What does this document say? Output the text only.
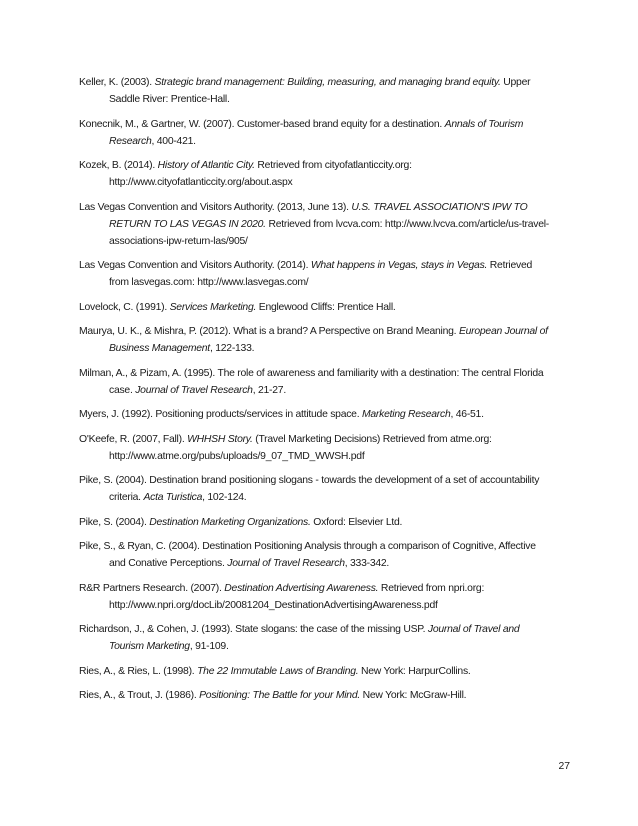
Keller, K. (2003). Strategic brand management: Building, measuring, and managing brand equity. Upper Saddle River: Prentice-Hall.
Konecnik, M., & Gartner, W. (2007). Customer-based brand equity for a destination. Annals of Tourism Research, 400-421.
Kozek, B. (2014). History of Atlantic City. Retrieved from cityofatlanticcity.org: http://www.cityofatlanticcity.org/about.aspx
Las Vegas Convention and Visitors Authority. (2013, June 13). U.S. TRAVEL ASSOCIATION'S IPW TO RETURN TO LAS VEGAS IN 2020. Retrieved from lvcva.com: http://www.lvcva.com/article/us-travel-associations-ipw-return-las/905/
Las Vegas Convention and Visitors Authority. (2014). What happens in Vegas, stays in Vegas. Retrieved from lasvegas.com: http://www.lasvegas.com/
Lovelock, C. (1991). Services Marketing. Englewood Cliffs: Prentice Hall.
Maurya, U. K., & Mishra, P. (2012). What is a brand? A Perspective on Brand Meaning. European Journal of Business Management, 122-133.
Milman, A., & Pizam, A. (1995). The role of awareness and familiarity with a destination: The central Florida case. Journal of Travel Research, 21-27.
Myers, J. (1992). Positioning products/services in attitude space. Marketing Research, 46-51.
O'Keefe, R. (2007, Fall). WHHSH Story. (Travel Marketing Decisions) Retrieved from atme.org: http://www.atme.org/pubs/uploads/9_07_TMD_WWSH.pdf
Pike, S. (2004). Destination brand positioning slogans - towards the development of a set of accountability criteria. Acta Turistica, 102-124.
Pike, S. (2004). Destination Marketing Organizations. Oxford: Elsevier Ltd.
Pike, S., & Ryan, C. (2004). Destination Positioning Analysis through a comparison of Cognitive, Affective and Conative Perceptions. Journal of Travel Research, 333-342.
R&R Partners Research. (2007). Destination Advertising Awareness. Retrieved from npri.org: http://www.npri.org/docLib/20081204_DestinationAdvertisingAwareness.pdf
Richardson, J., & Cohen, J. (1993). State slogans: the case of the missing USP. Journal of Travel and Tourism Marketing, 91-109.
Ries, A., & Ries, L. (1998). The 22 Immutable Laws of Branding. New York: HarpurCollins.
Ries, A., & Trout, J. (1986). Positioning: The Battle for your Mind. New York: McGraw-Hill.
27
